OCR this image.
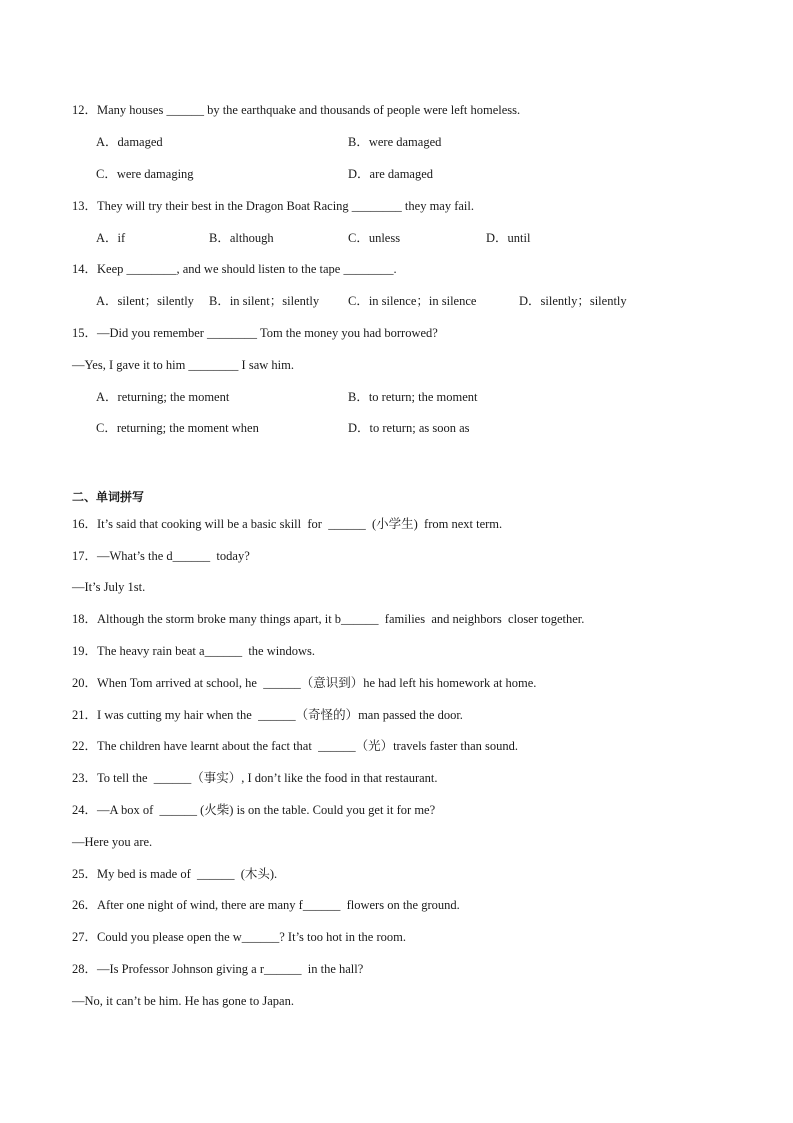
12．Many houses ______ by the earthquake and thousands of people were left homeless.
A．damaged	B．were damaged
C．were damaging	D．are damaged
13．They will try their best in the Dragon Boat Racing ________ they may fail.
A．if	B．although	C．unless	D．until
14．Keep ________, and we should listen to the tape ________.
A．silent；silently B．in silent；silently C．in silence；in silence	D．silently；silently
15．—Did you remember ________ Tom the money you had borrowed?
—Yes, I gave it to him ________ I saw him.
A．returning; the moment	B．to return; the moment
C．returning; the moment when	D．to return; as soon as
二、单词拼写
16．It’s said that cooking will be a basic skill  for  ______  (小学生)  from next term.
17．—What’s the d______  today?
—It’s July 1st.
18．Although the storm broke many things apart, it b______  families  and neighbors  closer together.
19．The heavy rain beat a______  the windows.
20．When Tom arrived at school, he  ______（意识到）he had left his homework at home.
21．I was cutting my hair when the  ______（奇怪的）man passed the door.
22．The children have learnt about the fact that  ______（光）travels faster than sound.
23．To tell the  ______（事实）, I don’t like the food in that restaurant.
24．—A box of  ______ (火柴) is on the table. Could you get it for me?
—Here you are.
25．My bed is made of  ______  (木头).
26．After one night of wind, there are many f______  flowers on the ground.
27．Could you please open the w______? It’s too hot in the room.
28．—Is Professor Johnson giving a r______  in the hall?
—No, it can’t be him. He has gone to Japan.
